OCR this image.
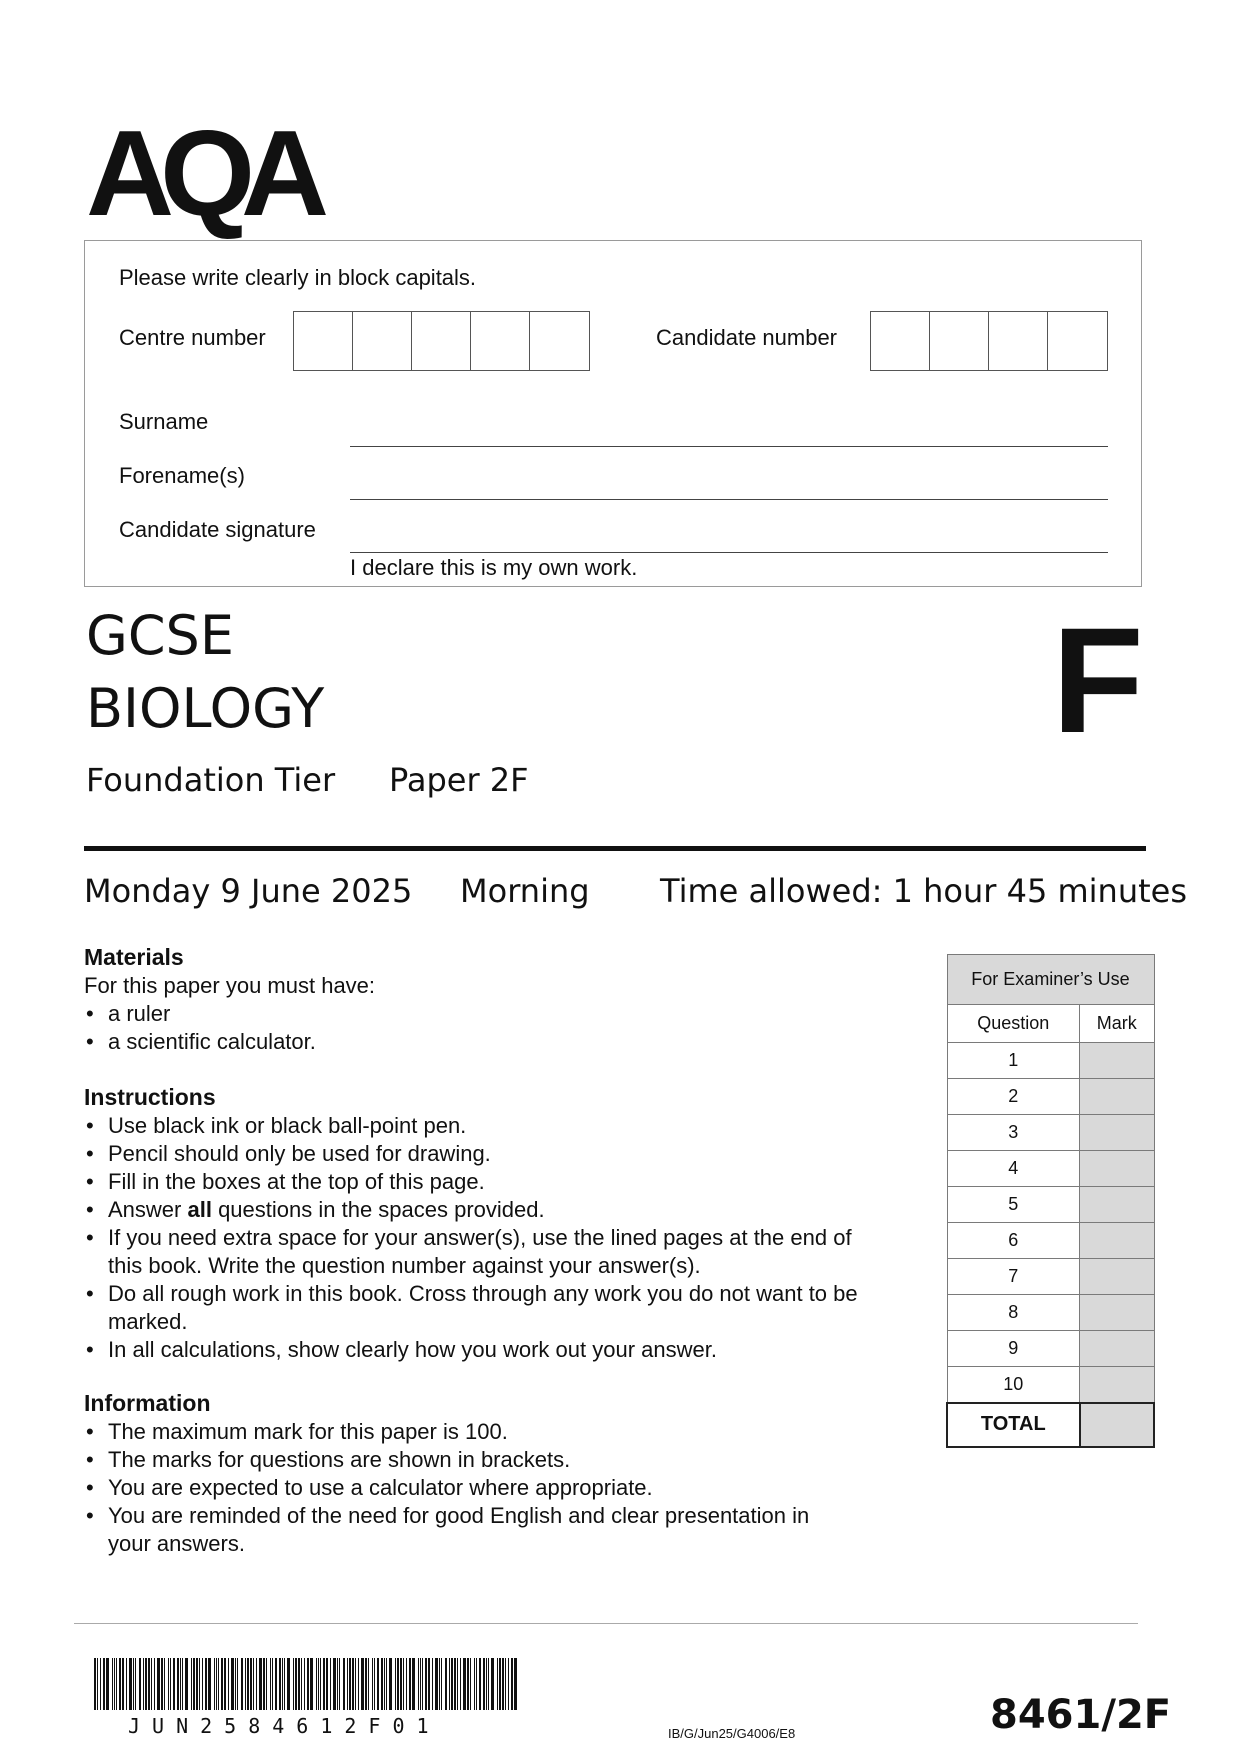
AQA
Please write clearly in block capitals.
Centre number	Candidate number
Surname
Forename(s)
Candidate signature
I declare this is my own work.
GCSE
BIOLOGY
Foundation Tier Paper 2F
F
Monday 9 June 2025 Morning Time allowed: 1 hour 45 minutes
Materials
For this paper you must have:
• a ruler
• a scientific calculator.
Instructions
• Use black ink or black ball-point pen.
• Pencil should only be used for drawing.
• Fill in the boxes at the top of this page.
• Answer all questions in the spaces provided.
• If you need extra space for your answer(s), use the lined pages at the end of this book. Write the question number against your answer(s).
• Do all rough work in this book. Cross through any work you do not want to be marked.
• In all calculations, show clearly how you work out your answer.
Information
• The maximum mark for this paper is 100.
• The marks for questions are shown in brackets.
• You are expected to use a calculator where appropriate.
• You are reminded of the need for good English and clear presentation in your answers.
For Examiner’s Use	
Question	Mark
1	
2	
3	
4	
5	
6	
7	
8	
9	
10	
TOTAL	
JUN2584612F01	IB/G/Jun25/G4006/E8	8461/2F
